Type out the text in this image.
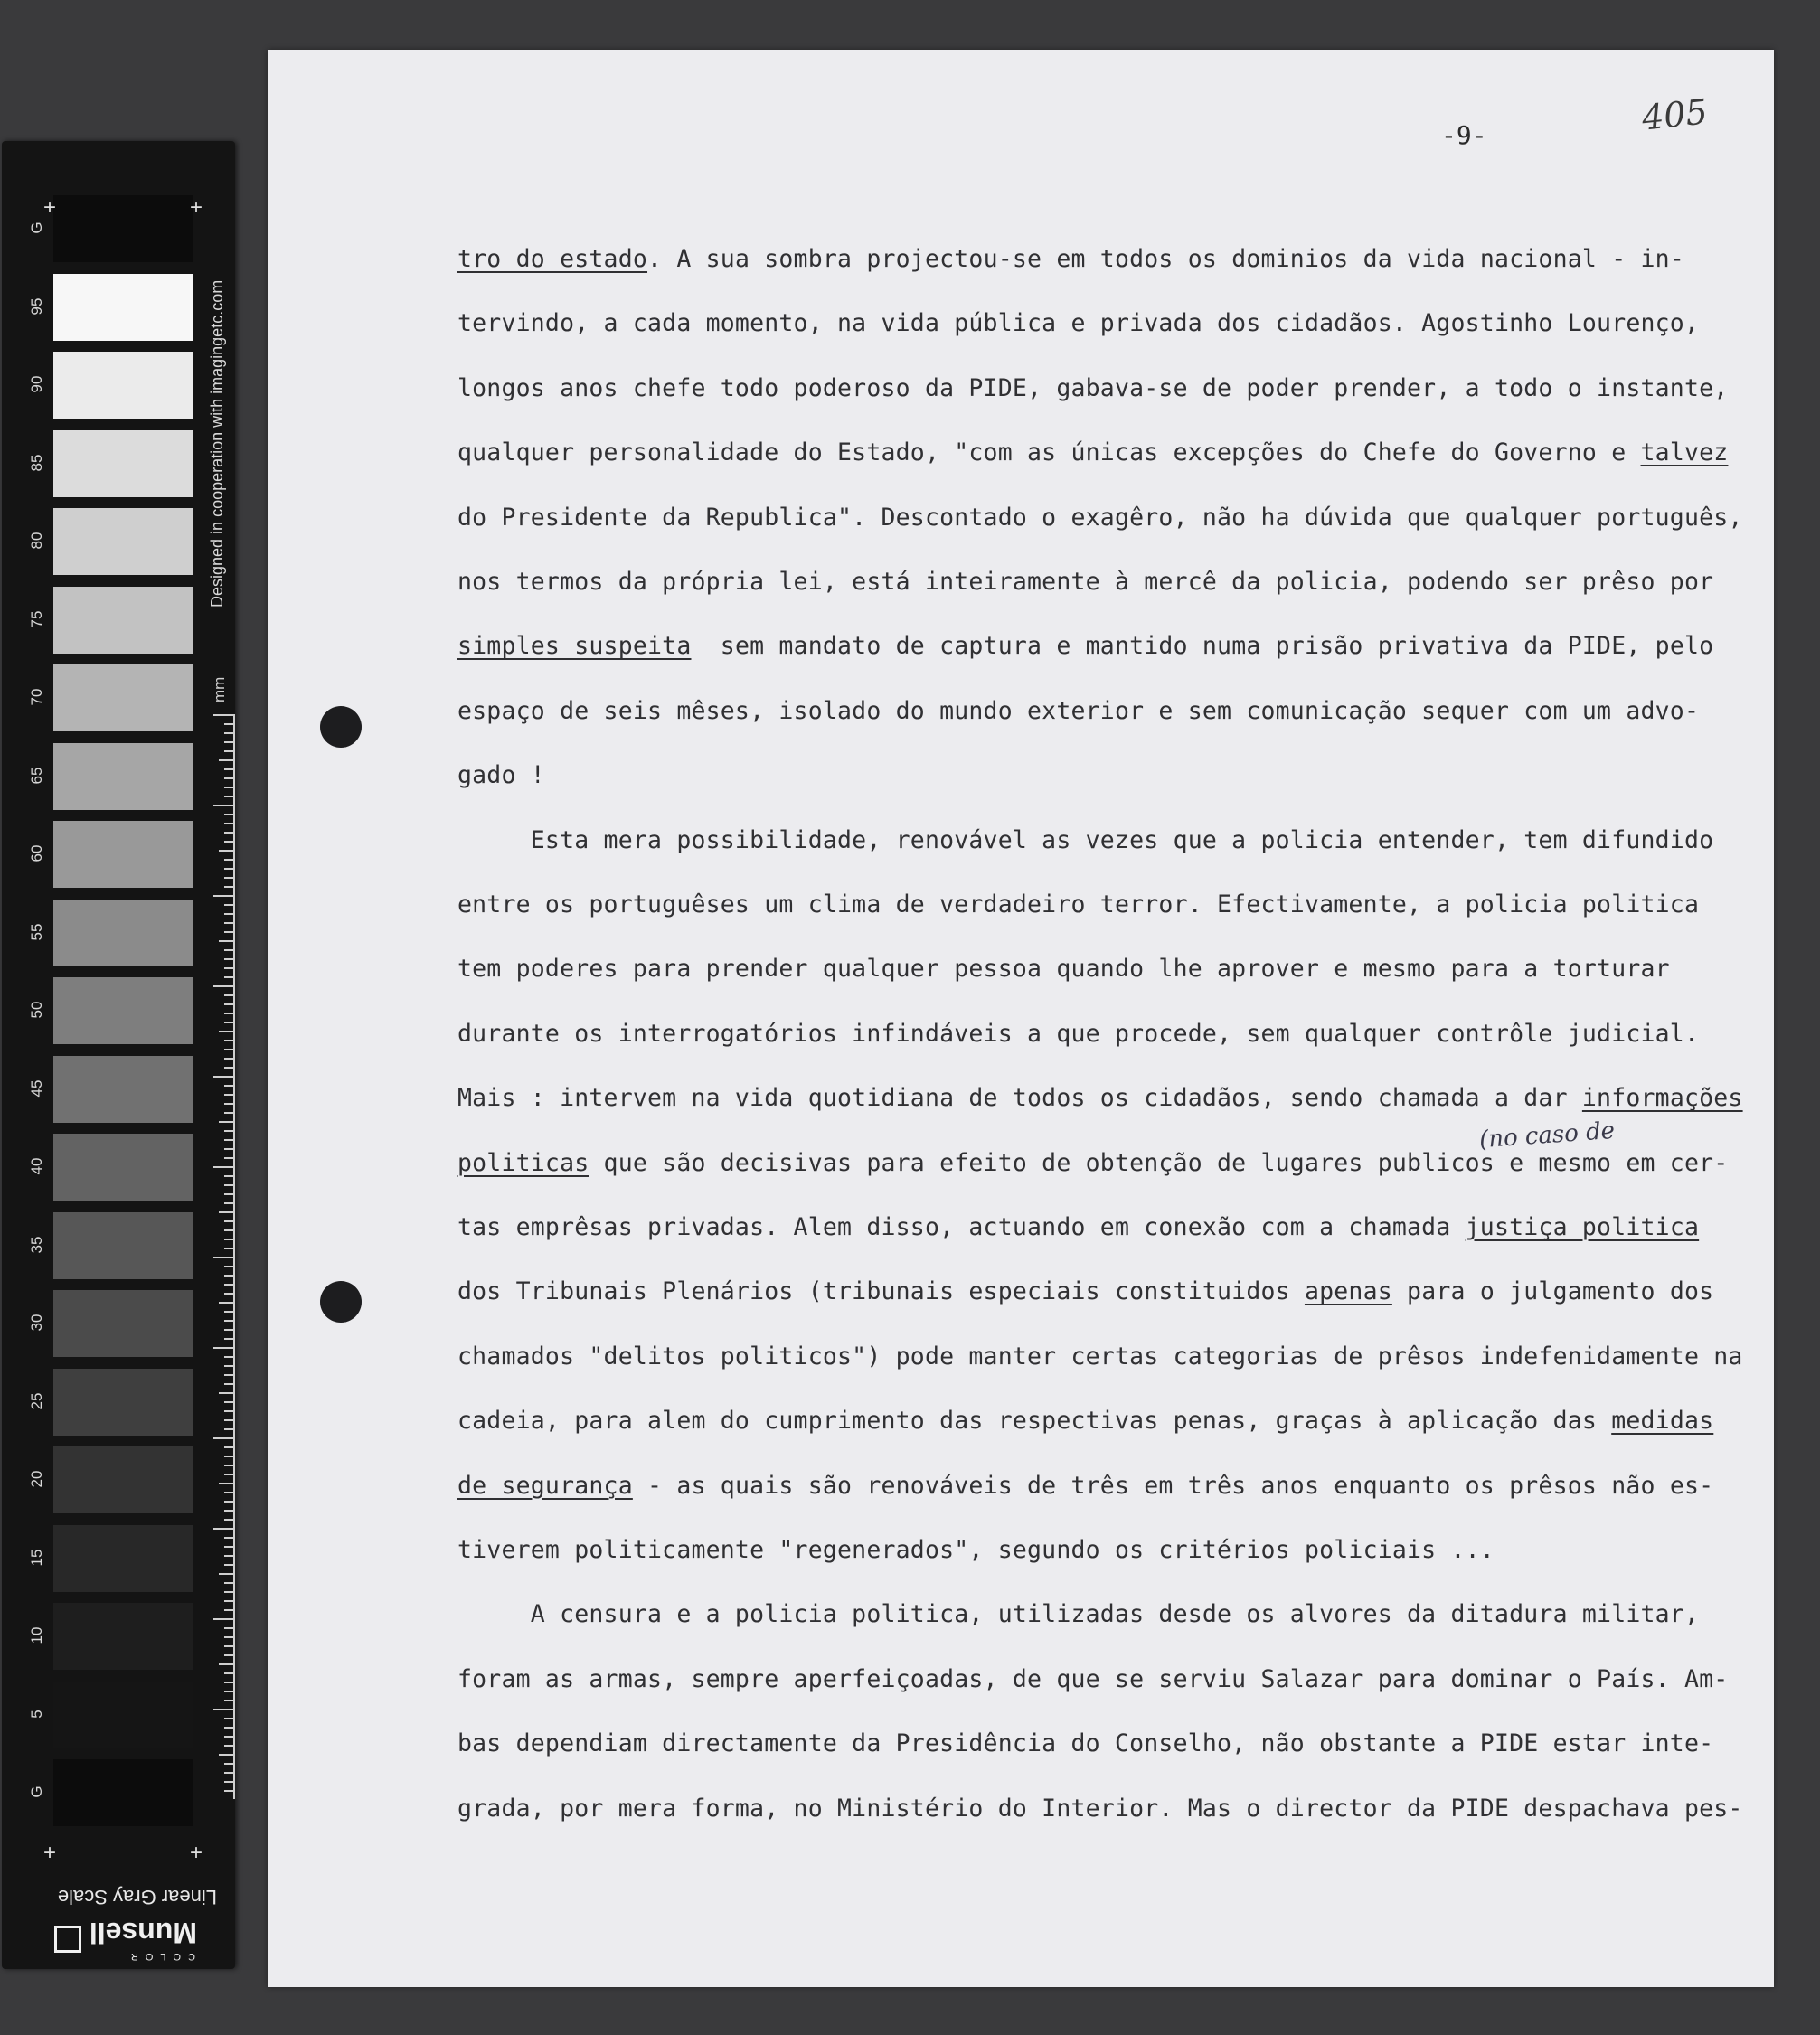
G
95
90
85
80
75
70
65
60
55
50
45
40
35
30
25
20
15
10
5
G
+	+
+	+
Designed in cooperation with imagingetc.com
mm
Linear Gray Scale
COLOR
Munsell
-9-	405
tro do estado. A sua sombra projectou-se em todos os dominios da vida nacional - in-
tervindo, a cada momento, na vida pública e privada dos cidadãos. Agostinho Lourenço,
longos anos chefe todo poderoso da PIDE, gabava-se de poder prender, a todo o instante,
qualquer personalidade do Estado, "com as únicas excepções do Chefe do Governo e talvez
do Presidente da Republica". Descontado o exagêro, não ha dúvida que qualquer português,
nos termos da própria lei, está inteiramente à mercê da policia, podendo ser prêso por
simples suspeita  sem mandato de captura e mantido numa prisão privativa da PIDE, pelo
espaço de seis mêses, isolado do mundo exterior e sem comunicação sequer com um advo-
gado !
Esta mera possibilidade, renovável as vezes que a policia entender, tem difundido
entre os portuguêses um clima de verdadeiro terror. Efectivamente, a policia politica
tem poderes para prender qualquer pessoa quando lhe aprover e mesmo para a torturar
durante os interrogatórios infindáveis a que procede, sem qualquer contrôle judicial.
Mais : intervem na vida quotidiana de todos os cidadãos, sendo chamada a dar informações
politicas que são decisivas para efeito de obtenção de lugares publicos e mesmo em cer-
tas emprêsas privadas. Alem disso, actuando em conexão com a chamada justiça politica
dos Tribunais Plenários (tribunais especiais constituidos apenas para o julgamento dos
chamados "delitos politicos") pode manter certas categorias de prêsos indefenidamente na
cadeia, para alem do cumprimento das respectivas penas, graças à aplicação das medidas
de segurança - as quais são renováveis de três em três anos enquanto os prêsos não es-
tiverem politicamente "regenerados", segundo os critérios policiais ...
A censura e a policia politica, utilizadas desde os alvores da ditadura militar,
foram as armas, sempre aperfeiçoadas, de que se serviu Salazar para dominar o País. Am-
bas dependiam directamente da Presidência do Conselho, não obstante a PIDE estar inte-
grada, por mera forma, no Ministério do Interior. Mas o director da PIDE despachava pes-
(no caso de
